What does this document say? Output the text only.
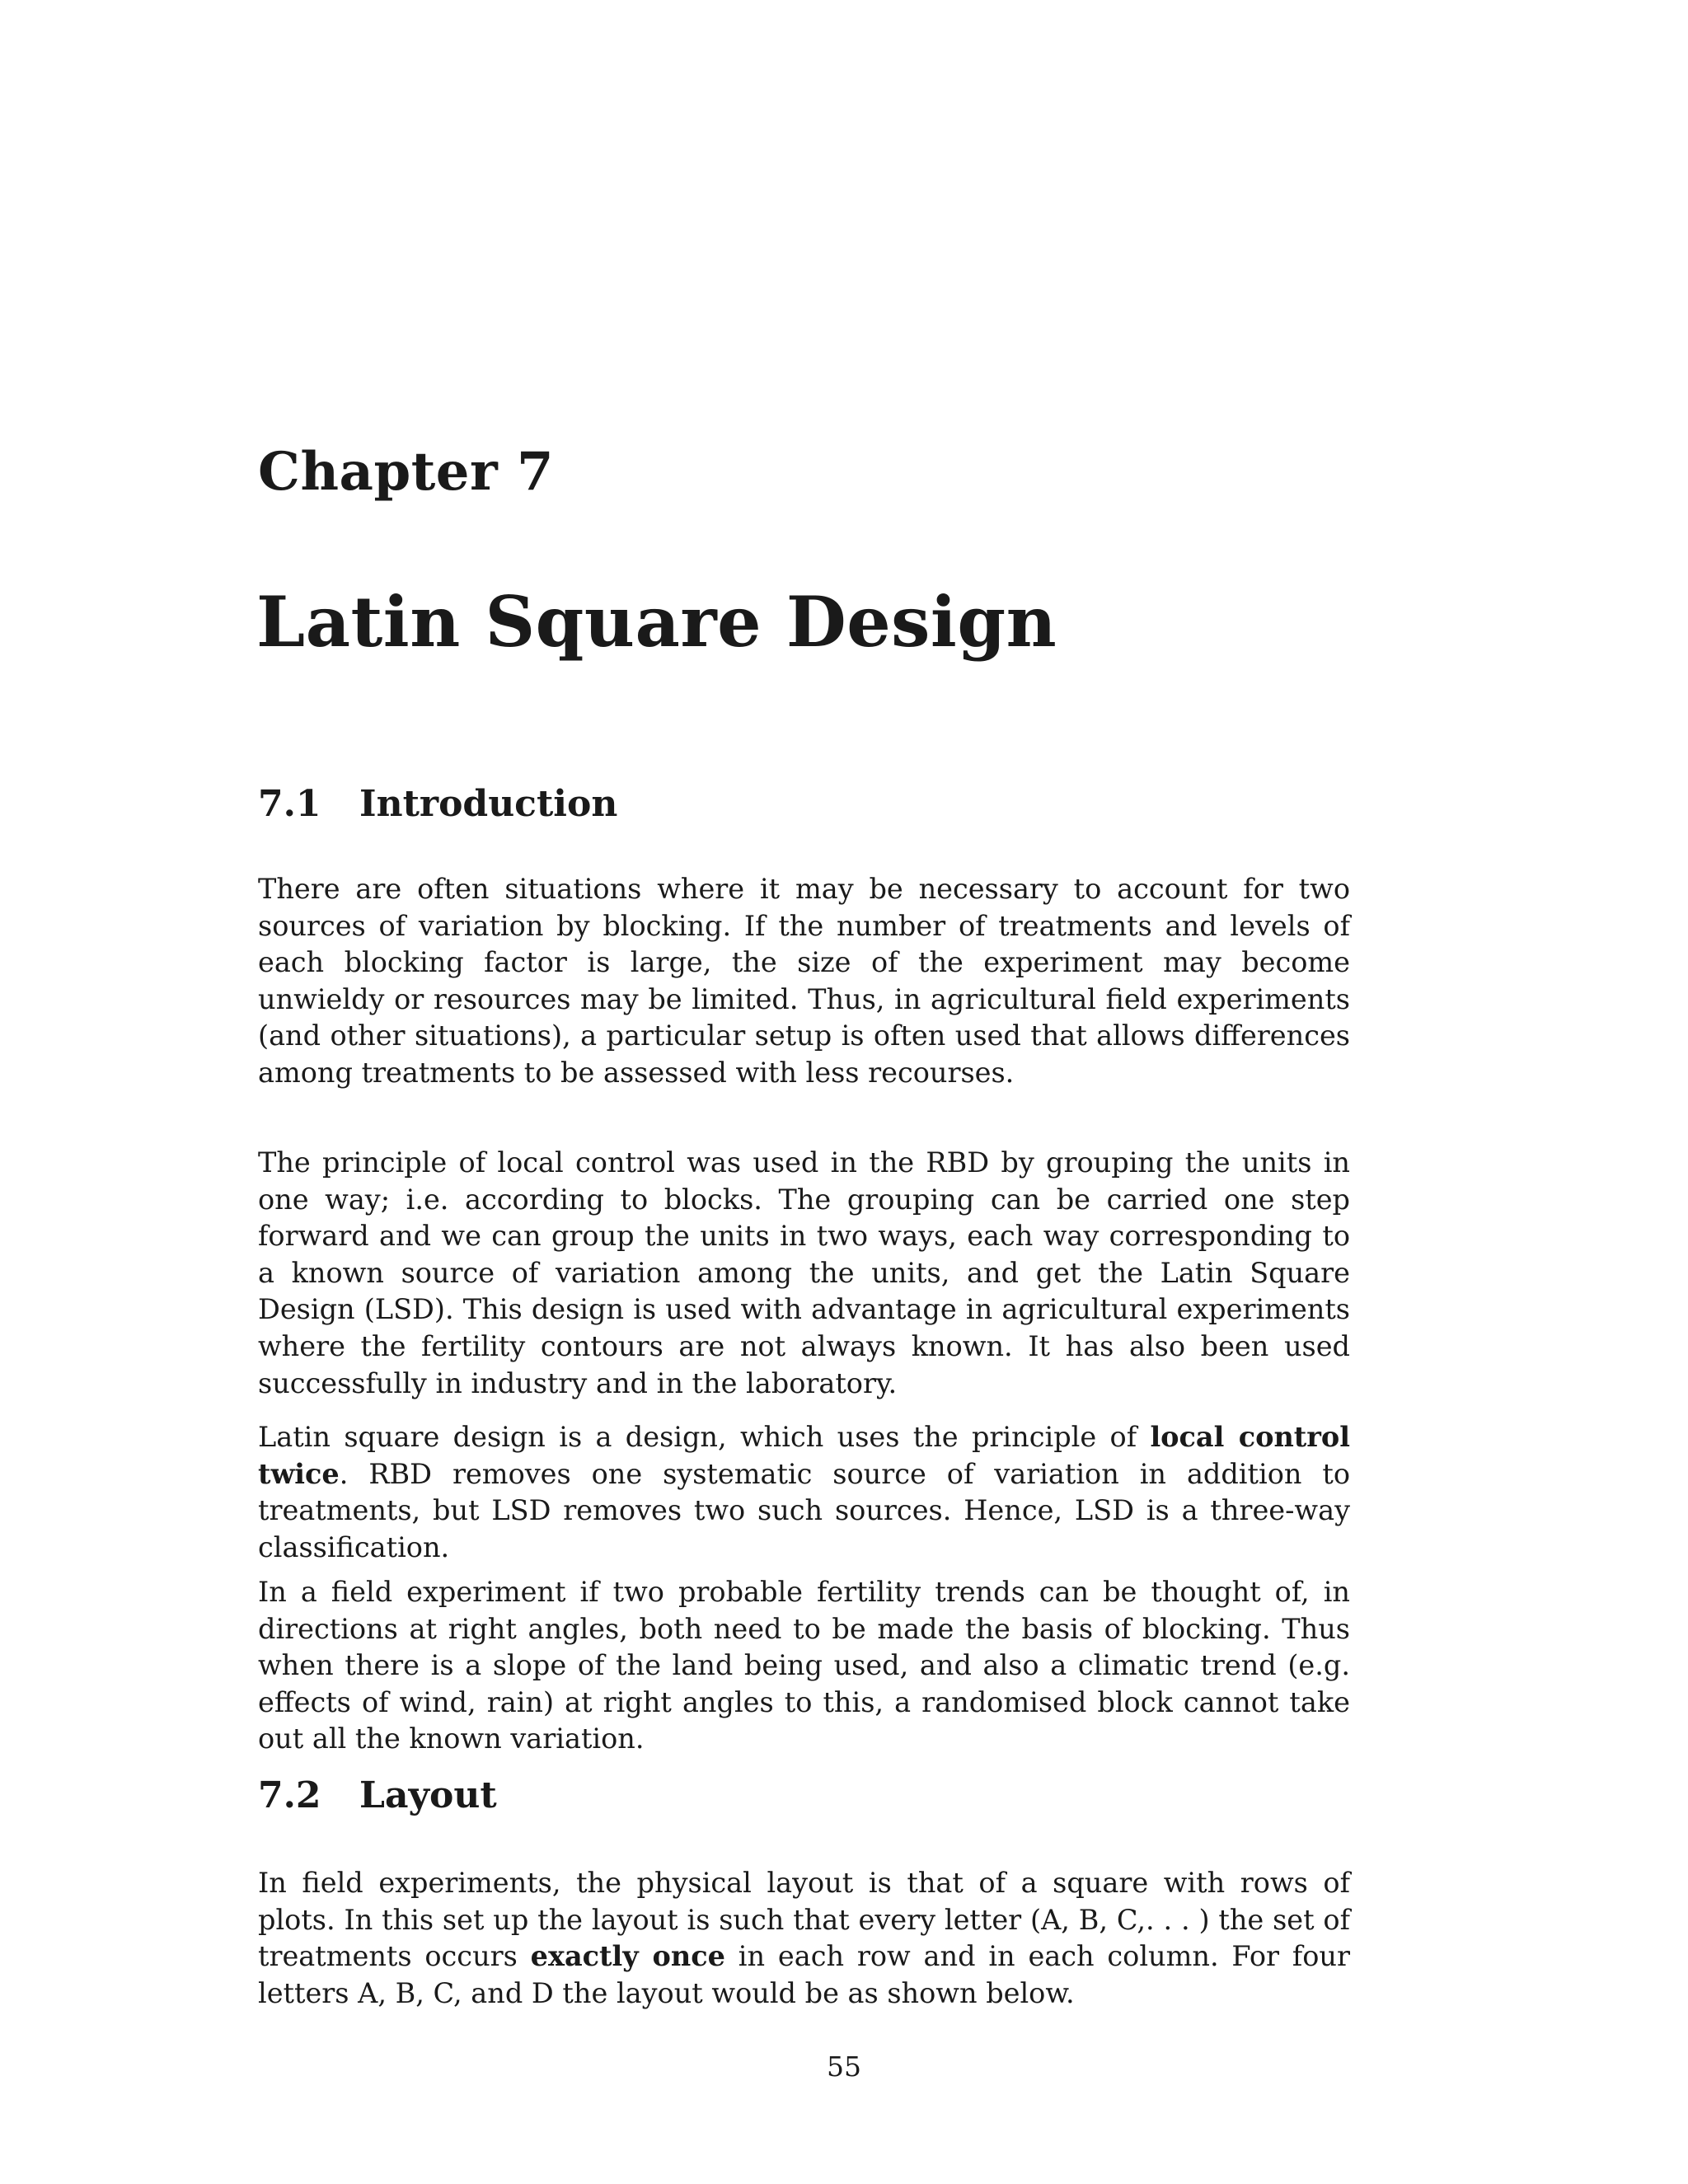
Chapter 7
Latin Square Design
7.1 Introduction

There are often situations where it may be necessary to account for two sources of variation by blocking. If the number of treatments and levels of each blocking factor is large, the size of the experiment may become unwieldy or resources may be limited. Thus, in agricultural field experiments (and other situations), a particular setup is often used that allows differences among treatments to be assessed with less recourses.

The principle of local control was used in the RBD by grouping the units in one way; i.e. according to blocks. The grouping can be carried one step forward and we can group the units in two ways, each way corresponding to a known source of variation among the units, and get the Latin Square Design (LSD). This design is used with advantage in agricultural experiments where the fertility contours are not always known. It has also been used successfully in industry and in the laboratory.

Latin square design is a design, which uses the principle of local control twice. RBD removes one systematic source of variation in addition to treatments, but LSD removes two such sources. Hence, LSD is a three-way classification.

In a field experiment if two probable fertility trends can be thought of, in directions at right angles, both need to be made the basis of blocking. Thus when there is a slope of the land being used, and also a climatic trend (e.g. effects of wind, rain) at right angles to this, a randomised block cannot take out all the known variation.

7.2 Layout

In field experiments, the physical layout is that of a square with rows of plots. In this set up the layout is such that every letter (A, B, C,. . . ) the set of treatments occurs exactly once in each row and in each column. For four letters A, B, C, and D the layout would be as shown below.

55
